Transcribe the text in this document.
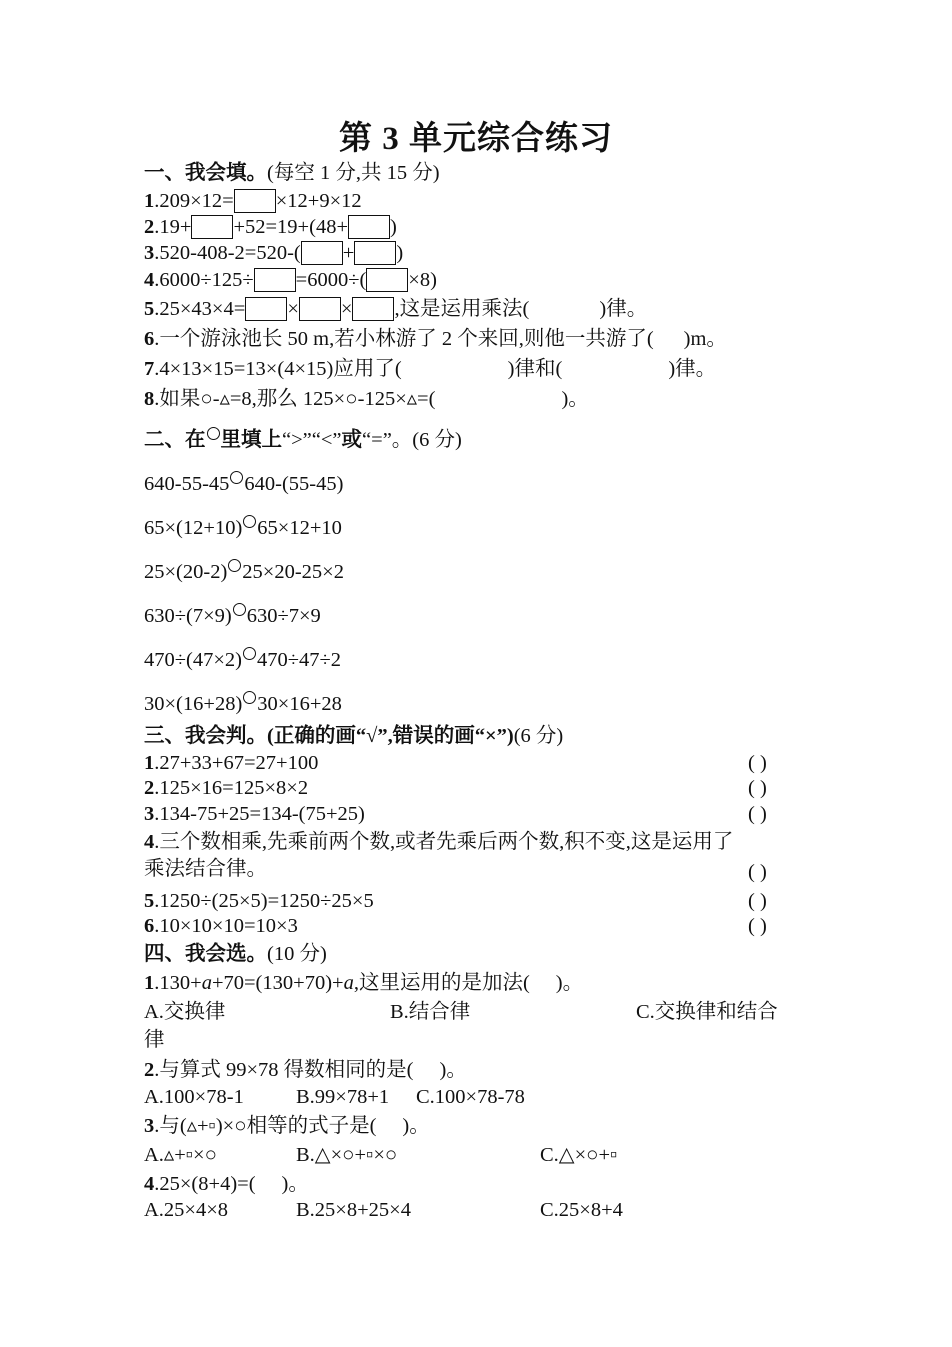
第 3 单元综合练习
一、我会填。(每空 1 分,共 15 分)
1.209×12= ×12+9×12
2.19+ +52=19+(48+ )
3.520-408-2=520-( + )
4.6000÷125÷ =6000÷( ×8)
5.25×43×4= × × ,这是运用乘法(	)律。
6.一个游泳池长 50 m,若小林游了 2 个来回,则他一共游了( )m。
7.4×13×15=13×(4×15)应用了(	)律和(	)律。
8.如果○-▵=8,那么 125×○-125×▵=(	)。
二、在 里填上“>”“<”或“=”。(6 分)
640-55-45 640-(55-45)
65×(12+10) 65×12+10
25×(20-2) 25×20-25×2
630÷(7×9) 630÷7×9
470÷(47×2) 470÷47÷2
30×(16+28) 30×16+28
三、我会判。(正确的画“√”,错误的画“×”)(6 分)
1.27+33+67=27+100	( )
2.125×16=125×8×2	( )
3.134-75+25=134-(75+25)	( )
4.三个数相乘,先乘前两个数,或者先乘后两个数,积不变,这是运用了
乘法结合律。	( )
5.1250÷(25×5)=1250÷25×5	( )
6.10×10×10=10×3	( )
四、我会选。(10 分)
1.130+a+70=(130+70)+a,这里运用的是加法( )。
A.交换律	B.结合律	C.交换律和结合
律
2.与算式 99×78 得数相同的是( )。
A.100×78-1	B.99×78+1 C.100×78-78
3.与(▵+▫)×○相等的式子是( )。
A.▵+▫×○	B.△×○+▫×○	C.△×○+▫
4.25×(8+4)=( )。
A.25×4×8	B.25×8+25×4	C.25×8+4
